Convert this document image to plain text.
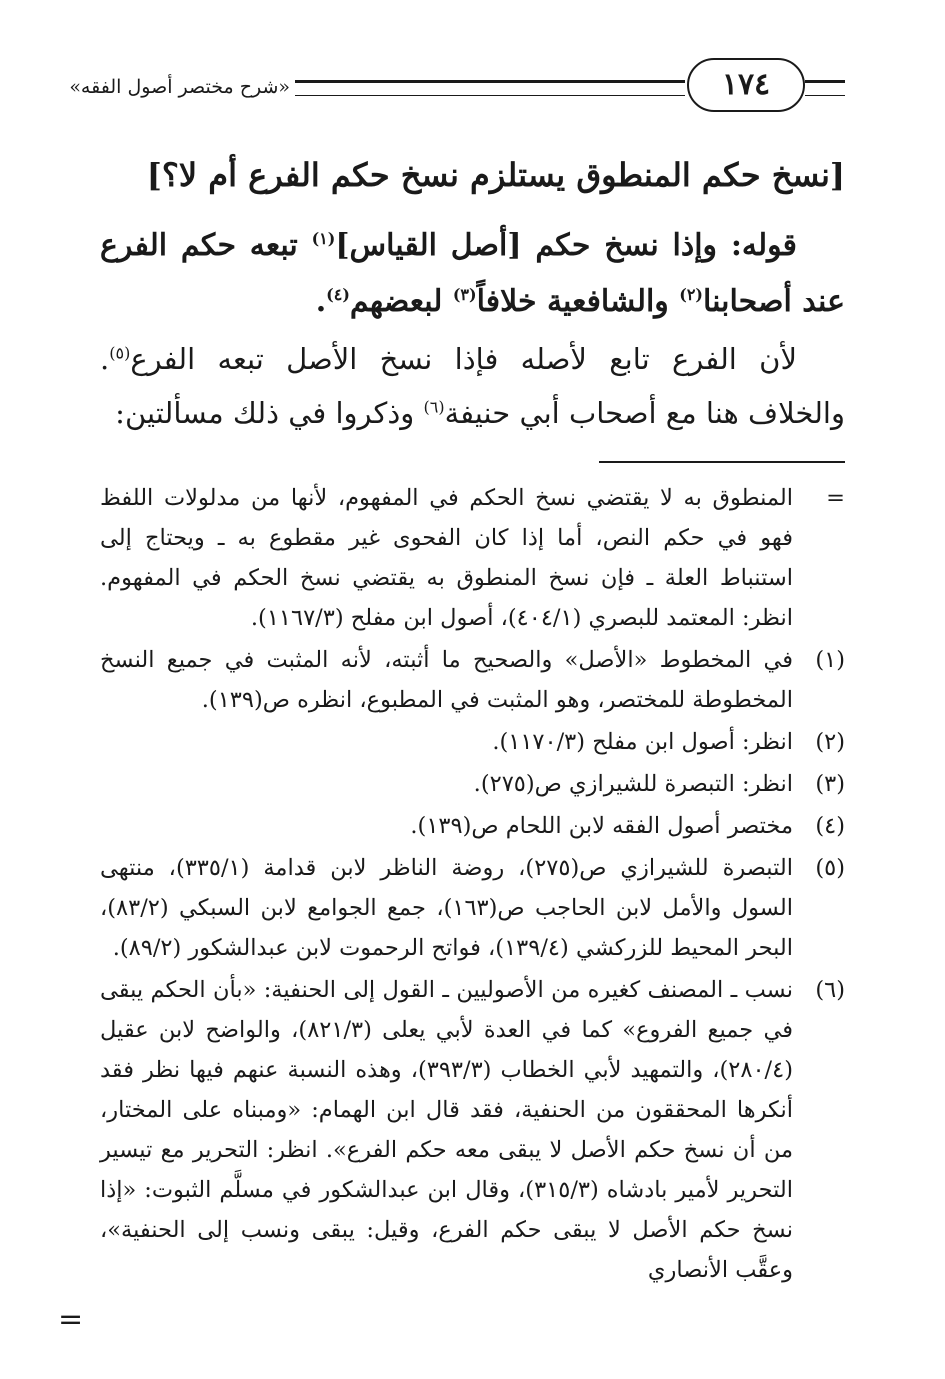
١٧٤
«شرح مختصر أصول الفقه»
[نسخ حكم المنطوق يستلزم نسخ حكم الفرع أم لا؟]
قوله: وإذا نسخ حكم [أصل القياس]$^{(١)}$ تبعه حكم الفرع عند أصحابنا$^{(٢)}$ والشافعية خلافاً$^{(٣)}$ لبعضهم$^{(٤)}$.
لأن الفرع تابع لأصله فإذا نسخ الأصل تبعه الفرع$^{(٥)}$. والخلاف هنا مع أصحاب أبي حنيفة$^{(٦)}$ وذكروا في ذلك مسألتين:
=
المنطوق به لا يقتضي نسخ الحكم في المفهوم، لأنها من مدلولات اللفظ فهو في حكم النص، أما إذا كان الفحوى غير مقطوع به ـ ويحتاج إلى استنباط العلة ـ فإن نسخ المنطوق به يقتضي نسخ الحكم في المفهوم. انظر: المعتمد للبصري (٤٠٤/١)، أصول ابن مفلح (١١٦٧/٣).
(١)
في المخطوط «الأصل» والصحيح ما أثبته، لأنه المثبت في جميع النسخ المخطوطة للمختصر، وهو المثبت في المطبوع، انظره ص(١٣٩).
(٢)
انظر: أصول ابن مفلح (١١٧٠/٣).
(٣)
انظر: التبصرة للشيرازي ص(٢٧٥).
(٤)
مختصر أصول الفقه لابن اللحام ص(١٣٩).
(٥)
التبصرة للشيرازي ص(٢٧٥)، روضة الناظر لابن قدامة (٣٣٥/١)، منتهى السول والأمل لابن الحاجب ص(١٦٣)، جمع الجوامع لابن السبكي (٨٣/٢)، البحر المحيط للزركشي (١٣٩/٤)، فواتح الرحموت لابن عبدالشكور (٨٩/٢).
(٦)
نسب ـ المصنف كغيره من الأصوليين ـ القول إلى الحنفية: «بأن الحكم يبقى في جميع الفروع» كما في العدة لأبي يعلى (٨٢١/٣)، والواضح لابن عقيل (٢٨٠/٤)، والتمهيد لأبي الخطاب (٣٩٣/٣)، وهذه النسبة عنهم فيها نظر فقد أنكرها المحققون من الحنفية، فقد قال ابن الهمام: «ومبناه على المختار، من أن نسخ حكم الأصل لا يبقى معه حكم الفرع». انظر: التحرير مع تيسير التحرير لأمير بادشاه (٣١٥/٣)، وقال ابن عبدالشكور في مسلَّم الثبوت: «إذا نسخ حكم الأصل لا يبقى حكم الفرع، وقيل: يبقى ونسب إلى الحنفية»، وعقَّب الأنصاري
=
